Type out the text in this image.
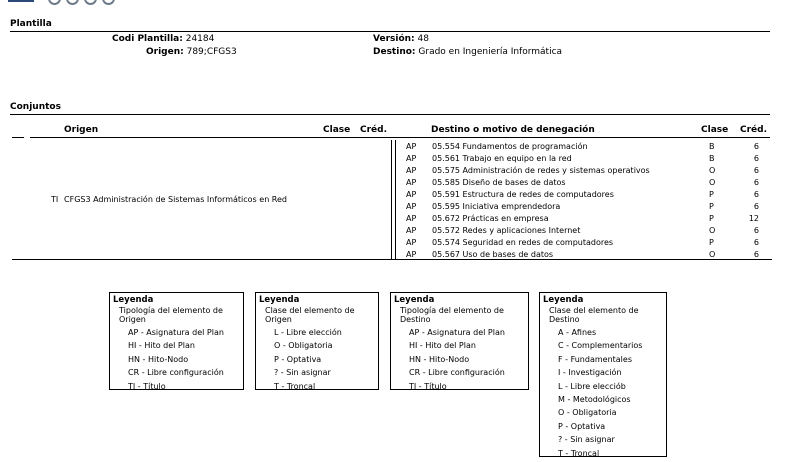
Plantilla
Codi Plantilla: 24184
Origen: 789;CFGS3
Versión: 48
Destino: Grado en Ingeniería Informática
Conjuntos
Origen	Clase Créd.	Destino o motivo de denegación	Clase Créd.
TI CFGS3 Administración de Sistemas Informáticos en Red
AP 05.554 Fundamentos de programación	B	6
AP 05.561 Trabajo en equipo en la red	B	6
AP 05.575 Administración de redes y sistemas operativos	O	6
AP 05.585 Diseño de bases de datos	O	6
AP 05.591 Estructura de redes de computadores	P	6
AP 05.595 Iniciativa emprendedora	P	6
AP 05.672 Prácticas en empresa	P	12
AP 05.572 Redes y aplicaciones Internet	O	6
AP 05.574 Seguridad en redes de computadores	P	6
AP 05.567 Uso de bases de datos	O	6
Leyenda
Tipología del elemento de Origen
AP - Asignatura del Plan
HI - Hito del Plan
HN - Hito-Nodo
CR - Libre configuración
TI - Título
Leyenda
Clase del elemento de Origen
L - Libre elección
O - Obligatoria
P - Optativa
? - Sin asignar
T - Troncal
Leyenda
Tipología del elemento de Destino
AP - Asignatura del Plan
HI - Hito del Plan
HN - Hito-Nodo
CR - Libre configuración
TI - Título
Leyenda
Clase del elemento de Destino
A - Afines
C - Complementarios
F - Fundamentales
I - Investigación
L - Libre elecciób
M - Metodológicos
O - Obligatoria
P - Optativa
? - Sin asignar
T - Troncal
